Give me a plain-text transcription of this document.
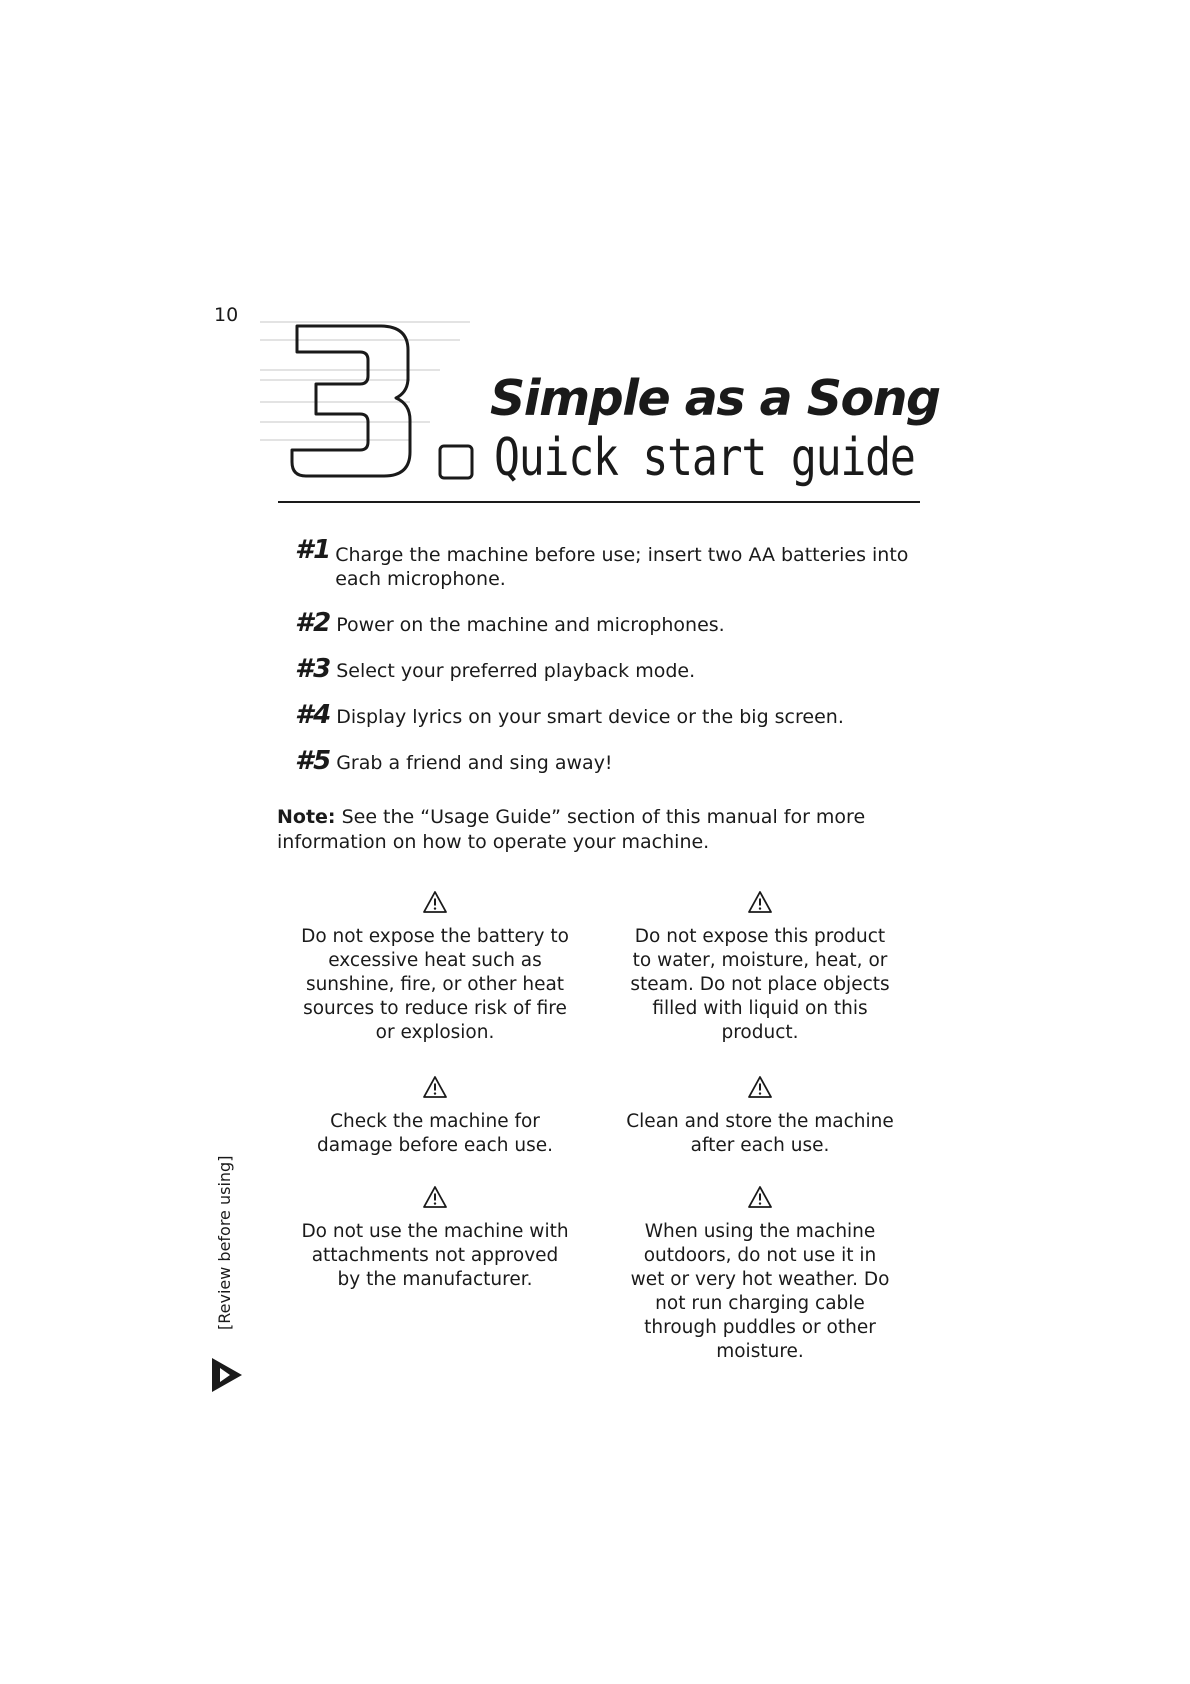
10	3
Simple as a Song
Quick start guide
#1 Charge the machine before use; insert two AA batteries into each microphone.
#2 Power on the machine and microphones.
#3 Select your preferred playback mode.
#4 Display lyrics on your smart device or the big screen.
#5 Grab a friend and sing away!
Note: See the “Usage Guide” section of this manual for more information on how to operate your machine.
Do not expose the battery to excessive heat such as sunshine, fire, or other heat sources to reduce risk of fire or explosion.
Do not expose this product to water, moisture, heat, or steam. Do not place objects filled with liquid on this product.
Check the machine for damage before each use.
Clean and store the machine after each use.
Do not use the machine with attachments not approved by the manufacturer.
When using the machine outdoors, do not use it in wet or very hot weather. Do not run charging cable through puddles or other moisture.
[Review before using]
